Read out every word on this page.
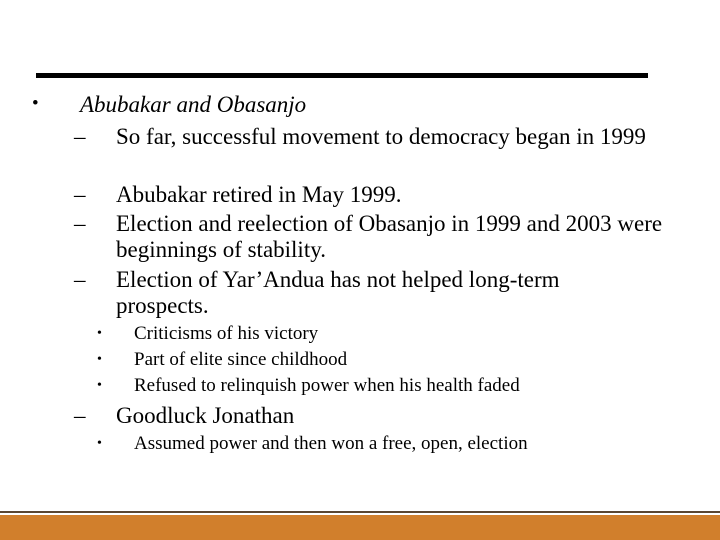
• Abubakar and Obasanjo
– So far, successful movement to democracy began in 1999
– Abubakar retired in May 1999.
– Election and reelection of Obasanjo in 1999 and 2003 were beginnings of stability.
– Election of Yar’Andua has not helped long-term prospects.
• Criticisms of his victory
• Part of elite since childhood
• Refused to relinquish power when his health faded
– Goodluck Jonathan
• Assumed power and then won a free, open, election
